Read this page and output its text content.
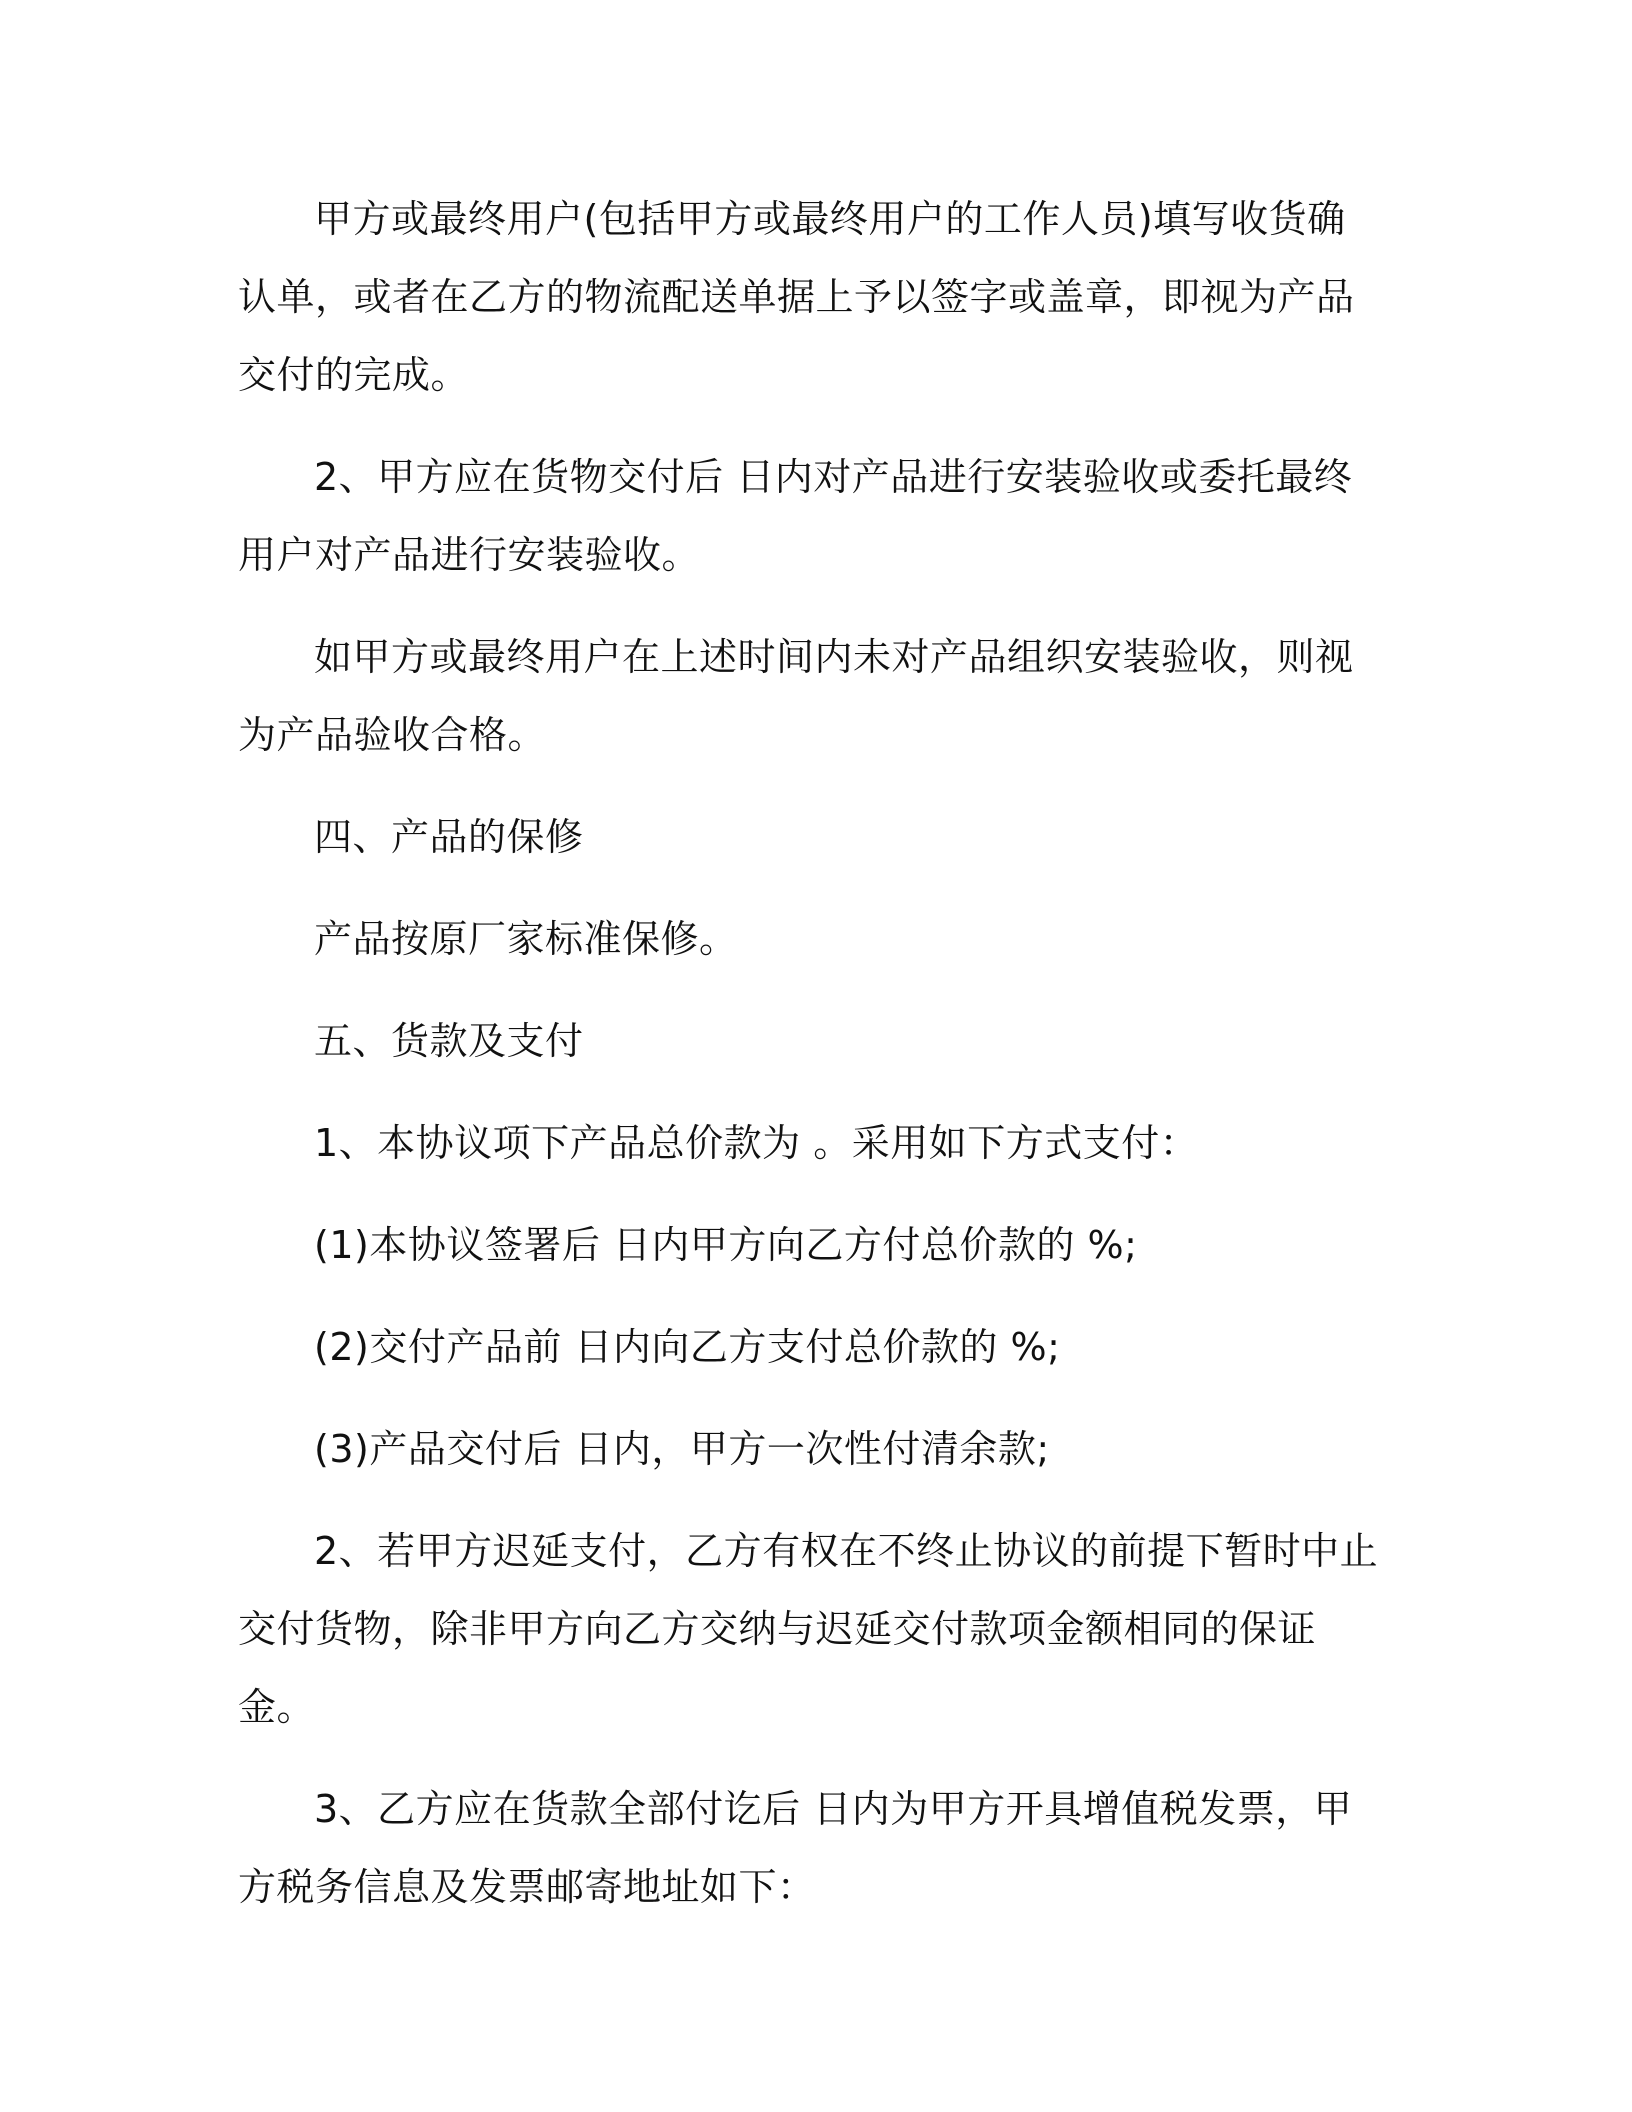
甲方或最终用户(包括甲方或最终用户的工作人员)填写收货确认单，或者在乙方的物流配送单据上予以签字或盖章，即视为产品交付的完成。

2、甲方应在货物交付后 日内对产品进行安装验收或委托最终用户对产品进行安装验收。

如甲方或最终用户在上述时间内未对产品组织安装验收，则视为产品验收合格。

四、产品的保修

产品按原厂家标准保修。

五、货款及支付

1、本协议项下产品总价款为 。采用如下方式支付：

(1)本协议签署后 日内甲方向乙方付总价款的 %;

(2)交付产品前 日内向乙方支付总价款的 %;

(3)产品交付后 日内，甲方一次性付清余款;

2、若甲方迟延支付，乙方有权在不终止协议的前提下暂时中止交付货物，除非甲方向乙方交纳与迟延交付款项金额相同的保证金。

3、乙方应在货款全部付讫后 日内为甲方开具增值税发票，甲方税务信息及发票邮寄地址如下：
